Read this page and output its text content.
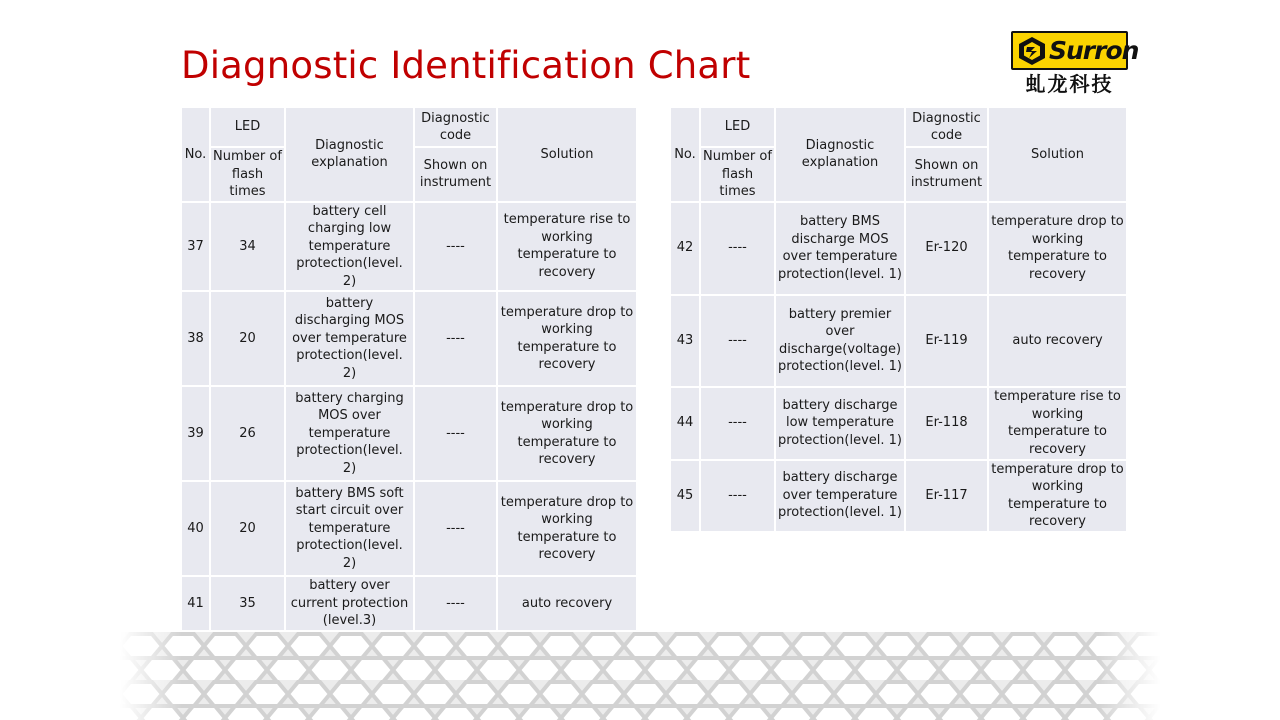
Diagnostic Identification Chart	Surron
虬龙科技
No.	LED	Diagnostic explanation	Diagnostic code	Solution
	Number of flash times		Shown on instrument	
37	34	battery cell charging low temperature protection(level. 2)	----	temperature rise to working temperature to recovery
38	20	battery discharging MOS over temperature protection(level. 2)	----	temperature drop to working temperature to recovery
39	26	battery charging MOS over temperature protection(level. 2)	----	temperature drop to working temperature to recovery
40	20	battery BMS soft start circuit over temperature protection(level. 2)	----	temperature drop to working temperature to recovery
41	35	battery over current protection (level.3)	----	auto recovery
No.	LED	Diagnostic explanation	Diagnostic code	Solution
	Number of flash times		Shown on instrument	
42	----	battery BMS discharge MOS over temperature protection(level. 1)	Er-120	temperature drop to working temperature to recovery
43	----	battery premier over discharge(voltage) protection(level. 1)	Er-119	auto recovery
44	----	battery discharge low temperature protection(level. 1)	Er-118	temperature rise to working temperature to recovery
45	----	battery discharge over temperature protection(level. 1)	Er-117	temperature drop to working temperature to recovery
